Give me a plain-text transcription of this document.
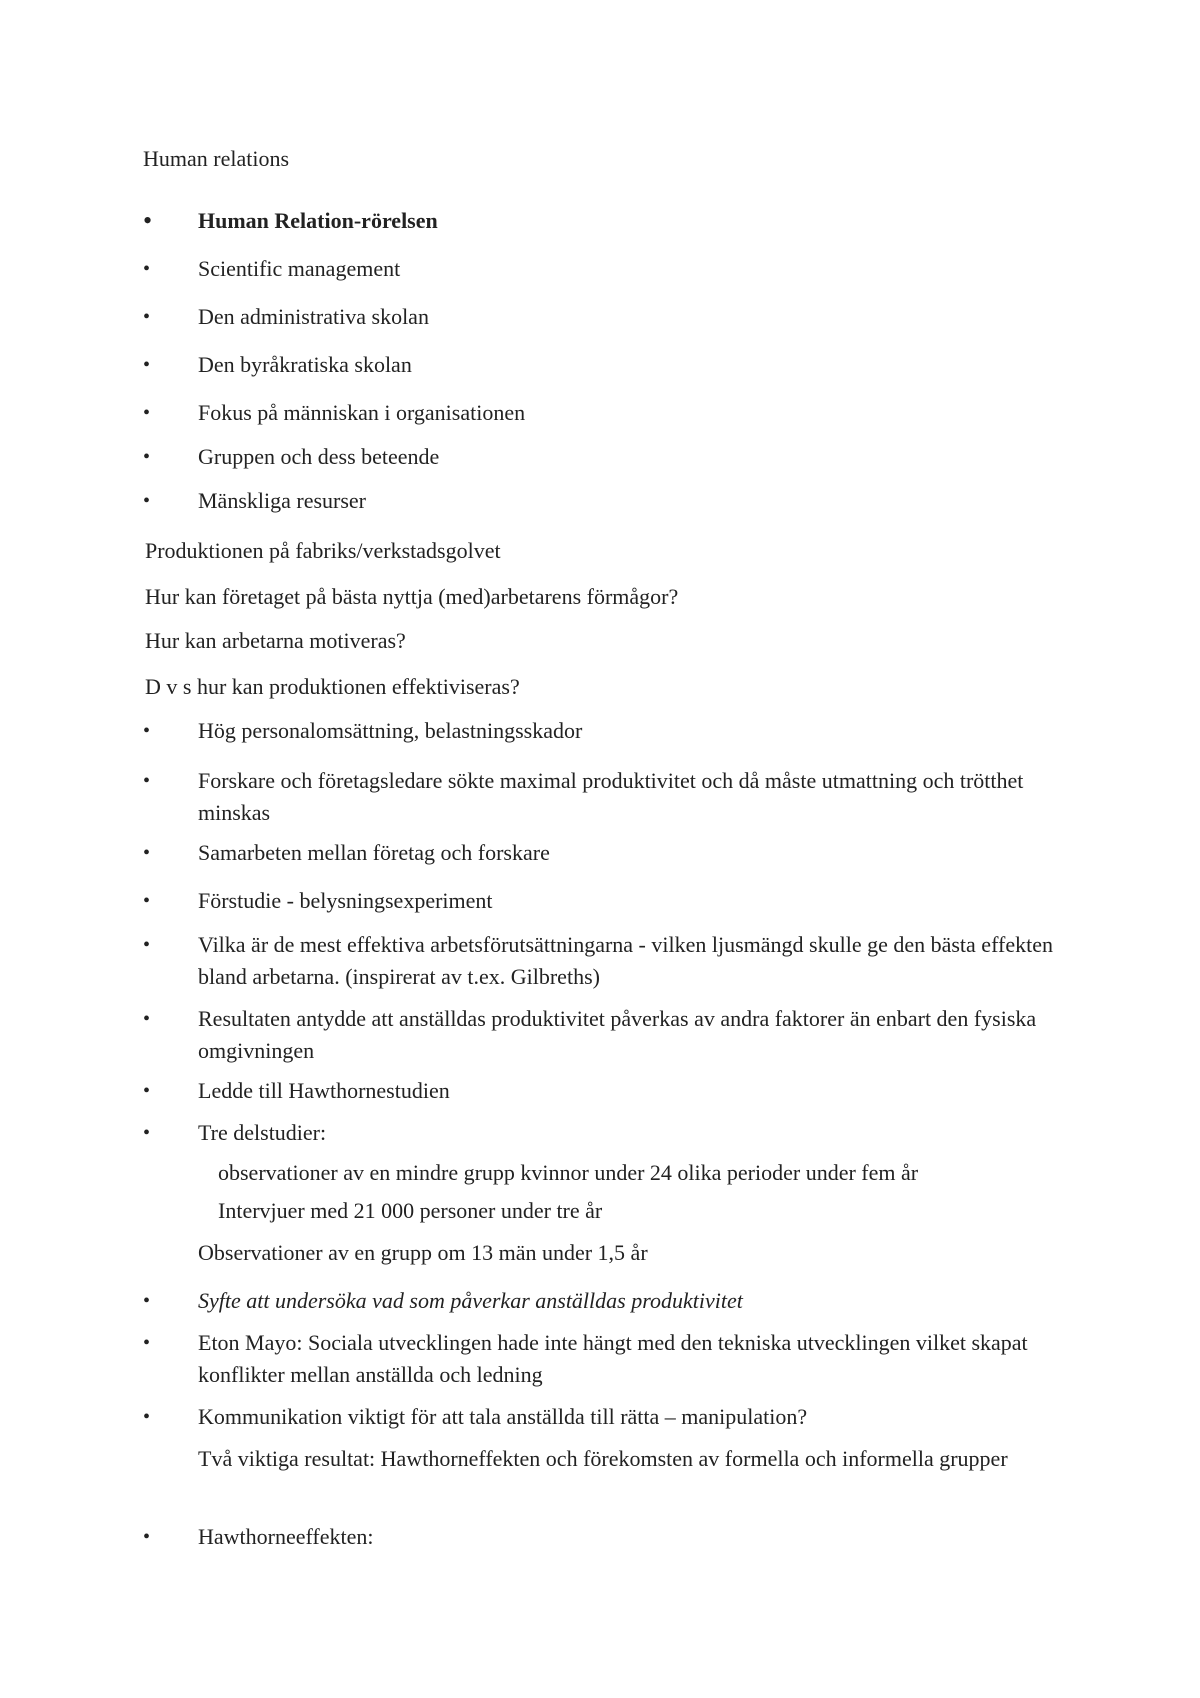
Human relations
• Human Relation-rörelsen
• Scientific management
• Den administrativa skolan
• Den byråkratiska skolan
• Fokus på människan i organisationen
• Gruppen och dess beteende
• Mänskliga resurser
Produktionen på fabriks/verkstadsgolvet
Hur kan företaget på bästa nyttja (med)arbetarens förmågor?
Hur kan arbetarna motiveras?
D v s hur kan produktionen effektiviseras?
• Hög personalomsättning, belastningsskador
• Forskare och företagsledare sökte maximal produktivitet och då måste utmattning och trötthet minskas
• Samarbeten mellan företag och forskare
• Förstudie - belysningsexperiment
• Vilka är de mest effektiva arbetsförutsättningarna - vilken ljusmängd skulle ge den bästa effekten bland arbetarna. (inspirerat av t.ex. Gilbreths)
• Resultaten antydde att anställdas produktivitet påverkas av andra faktorer än enbart den fysiska omgivningen
• Ledde till Hawthornestudien
• Tre delstudier:
observationer av en mindre grupp kvinnor under 24 olika perioder under fem år
Intervjuer med 21 000 personer under tre år
Observationer av en grupp om 13 män under 1,5 år
• Syfte att undersöka vad som påverkar anställdas produktivitet
• Eton Mayo: Sociala utvecklingen hade inte hängt med den tekniska utvecklingen vilket skapat konflikter mellan anställda och ledning
• Kommunikation viktigt för att tala anställda till rätta – manipulation?
Två viktiga resultat: Hawthorneffekten och förekomsten av formella och informella grupper
• Hawthorneeffekten:
